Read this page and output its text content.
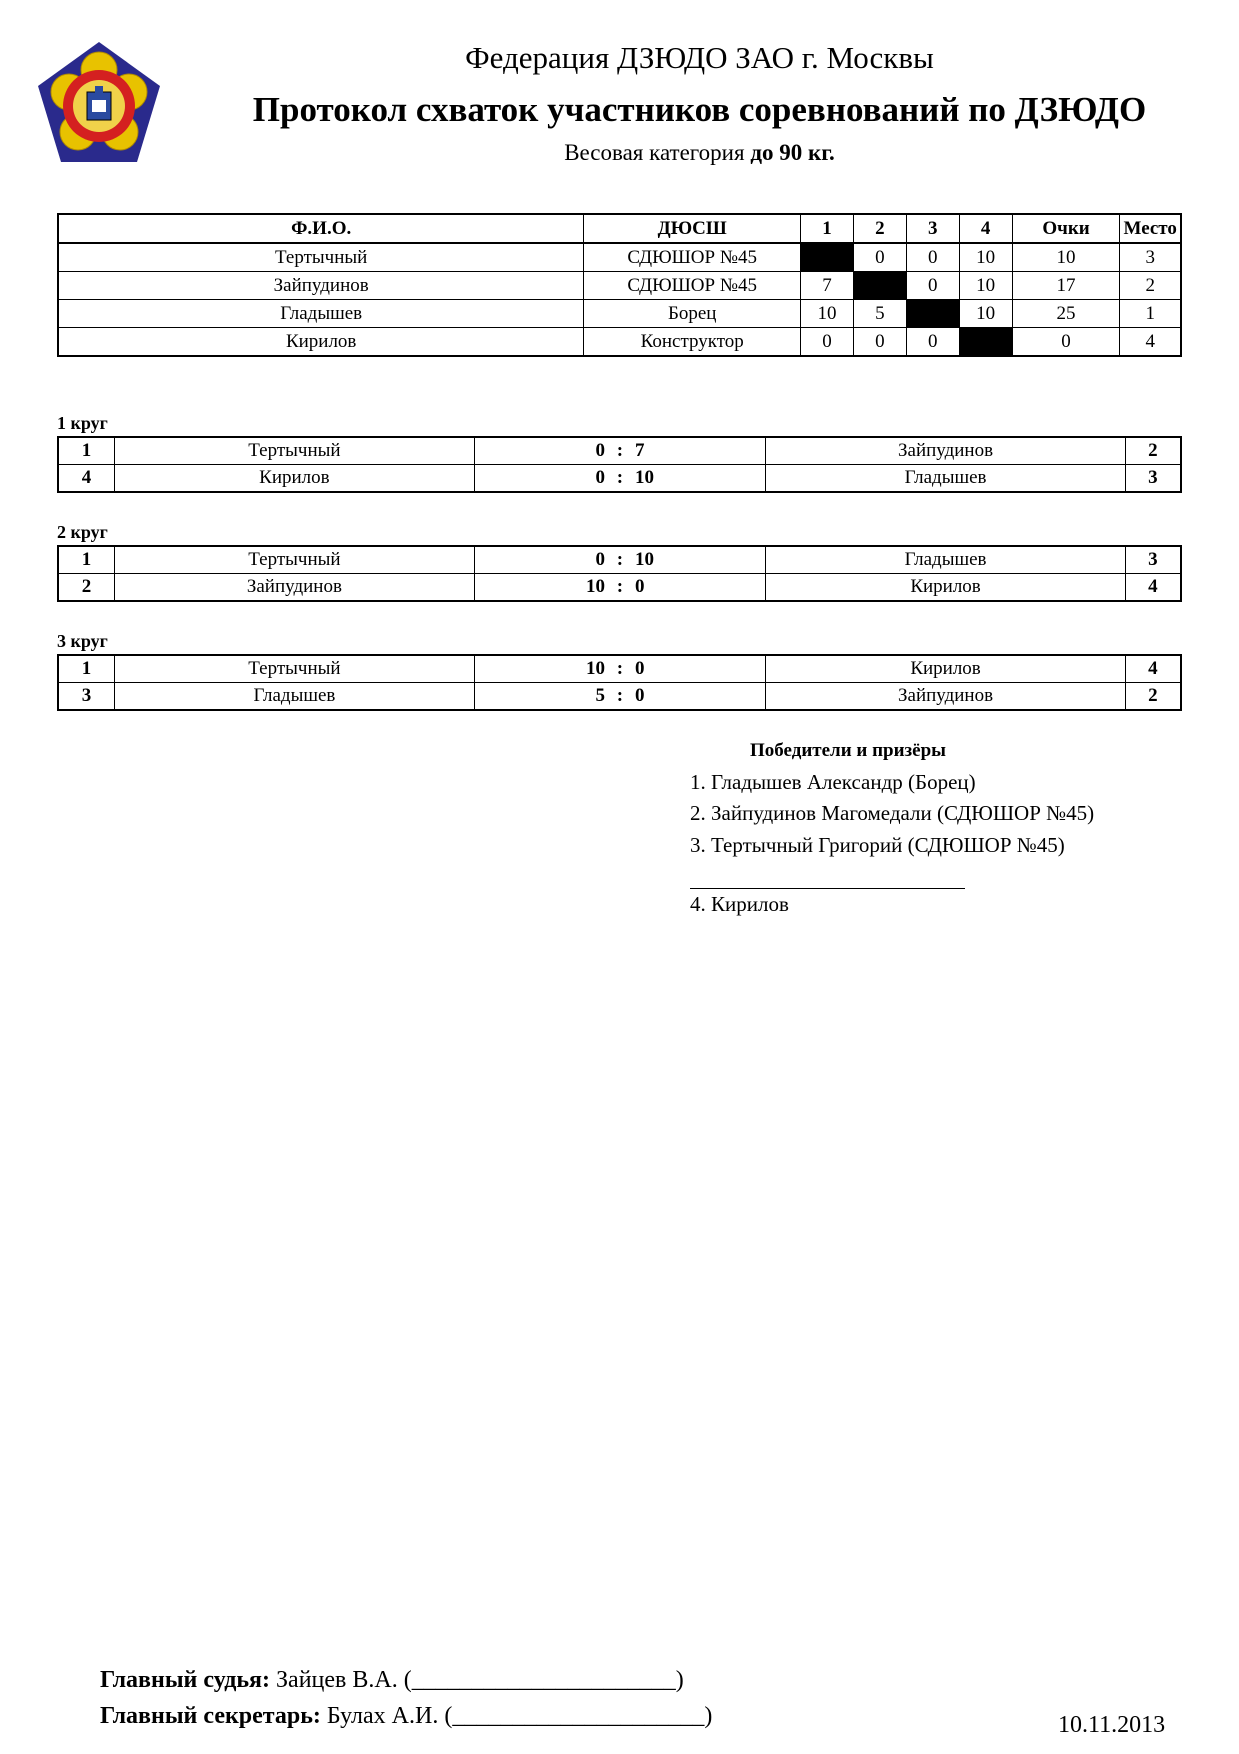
Федерация ДЗЮДО ЗАО г. Москвы
Протокол схваток участников соревнований по ДЗЮДО
Весовая категория до 90 кг.
Ф.И.О.	ДЮСШ	1	2	3	4	Очки	Место
Тертычный	СДЮШОР №45		0	0	10	10	3
Зайпудинов	СДЮШОР №45	7		0	10	17	2
Гладышев	Борец	10	5		10	25	1
Кирилов	Конструктор	0	0	0		0	4
1 круг
1	Тертычный	0 : 7	Зайпудинов	2
4	Кирилов	0 : 10	Гладышев	3
2 круг
1	Тертычный	0 : 10	Гладышев	3
2	Зайпудинов	10 : 0	Кирилов	4
3 круг
1	Тертычный	10 : 0	Кирилов	4
3	Гладышев	5 : 0	Зайпудинов	2
Победители и призёры
1. Гладышев Александр (Борец)
2. Зайпудинов Магомедали (СДЮШОР №45)
3. Тертычный Григорий (СДЮШОР №45)
4. Кирилов
Главный судья: Зайцев В.А. (______________________)
Главный секретарь: Булах А.И. (_____________________)	10.11.2013
